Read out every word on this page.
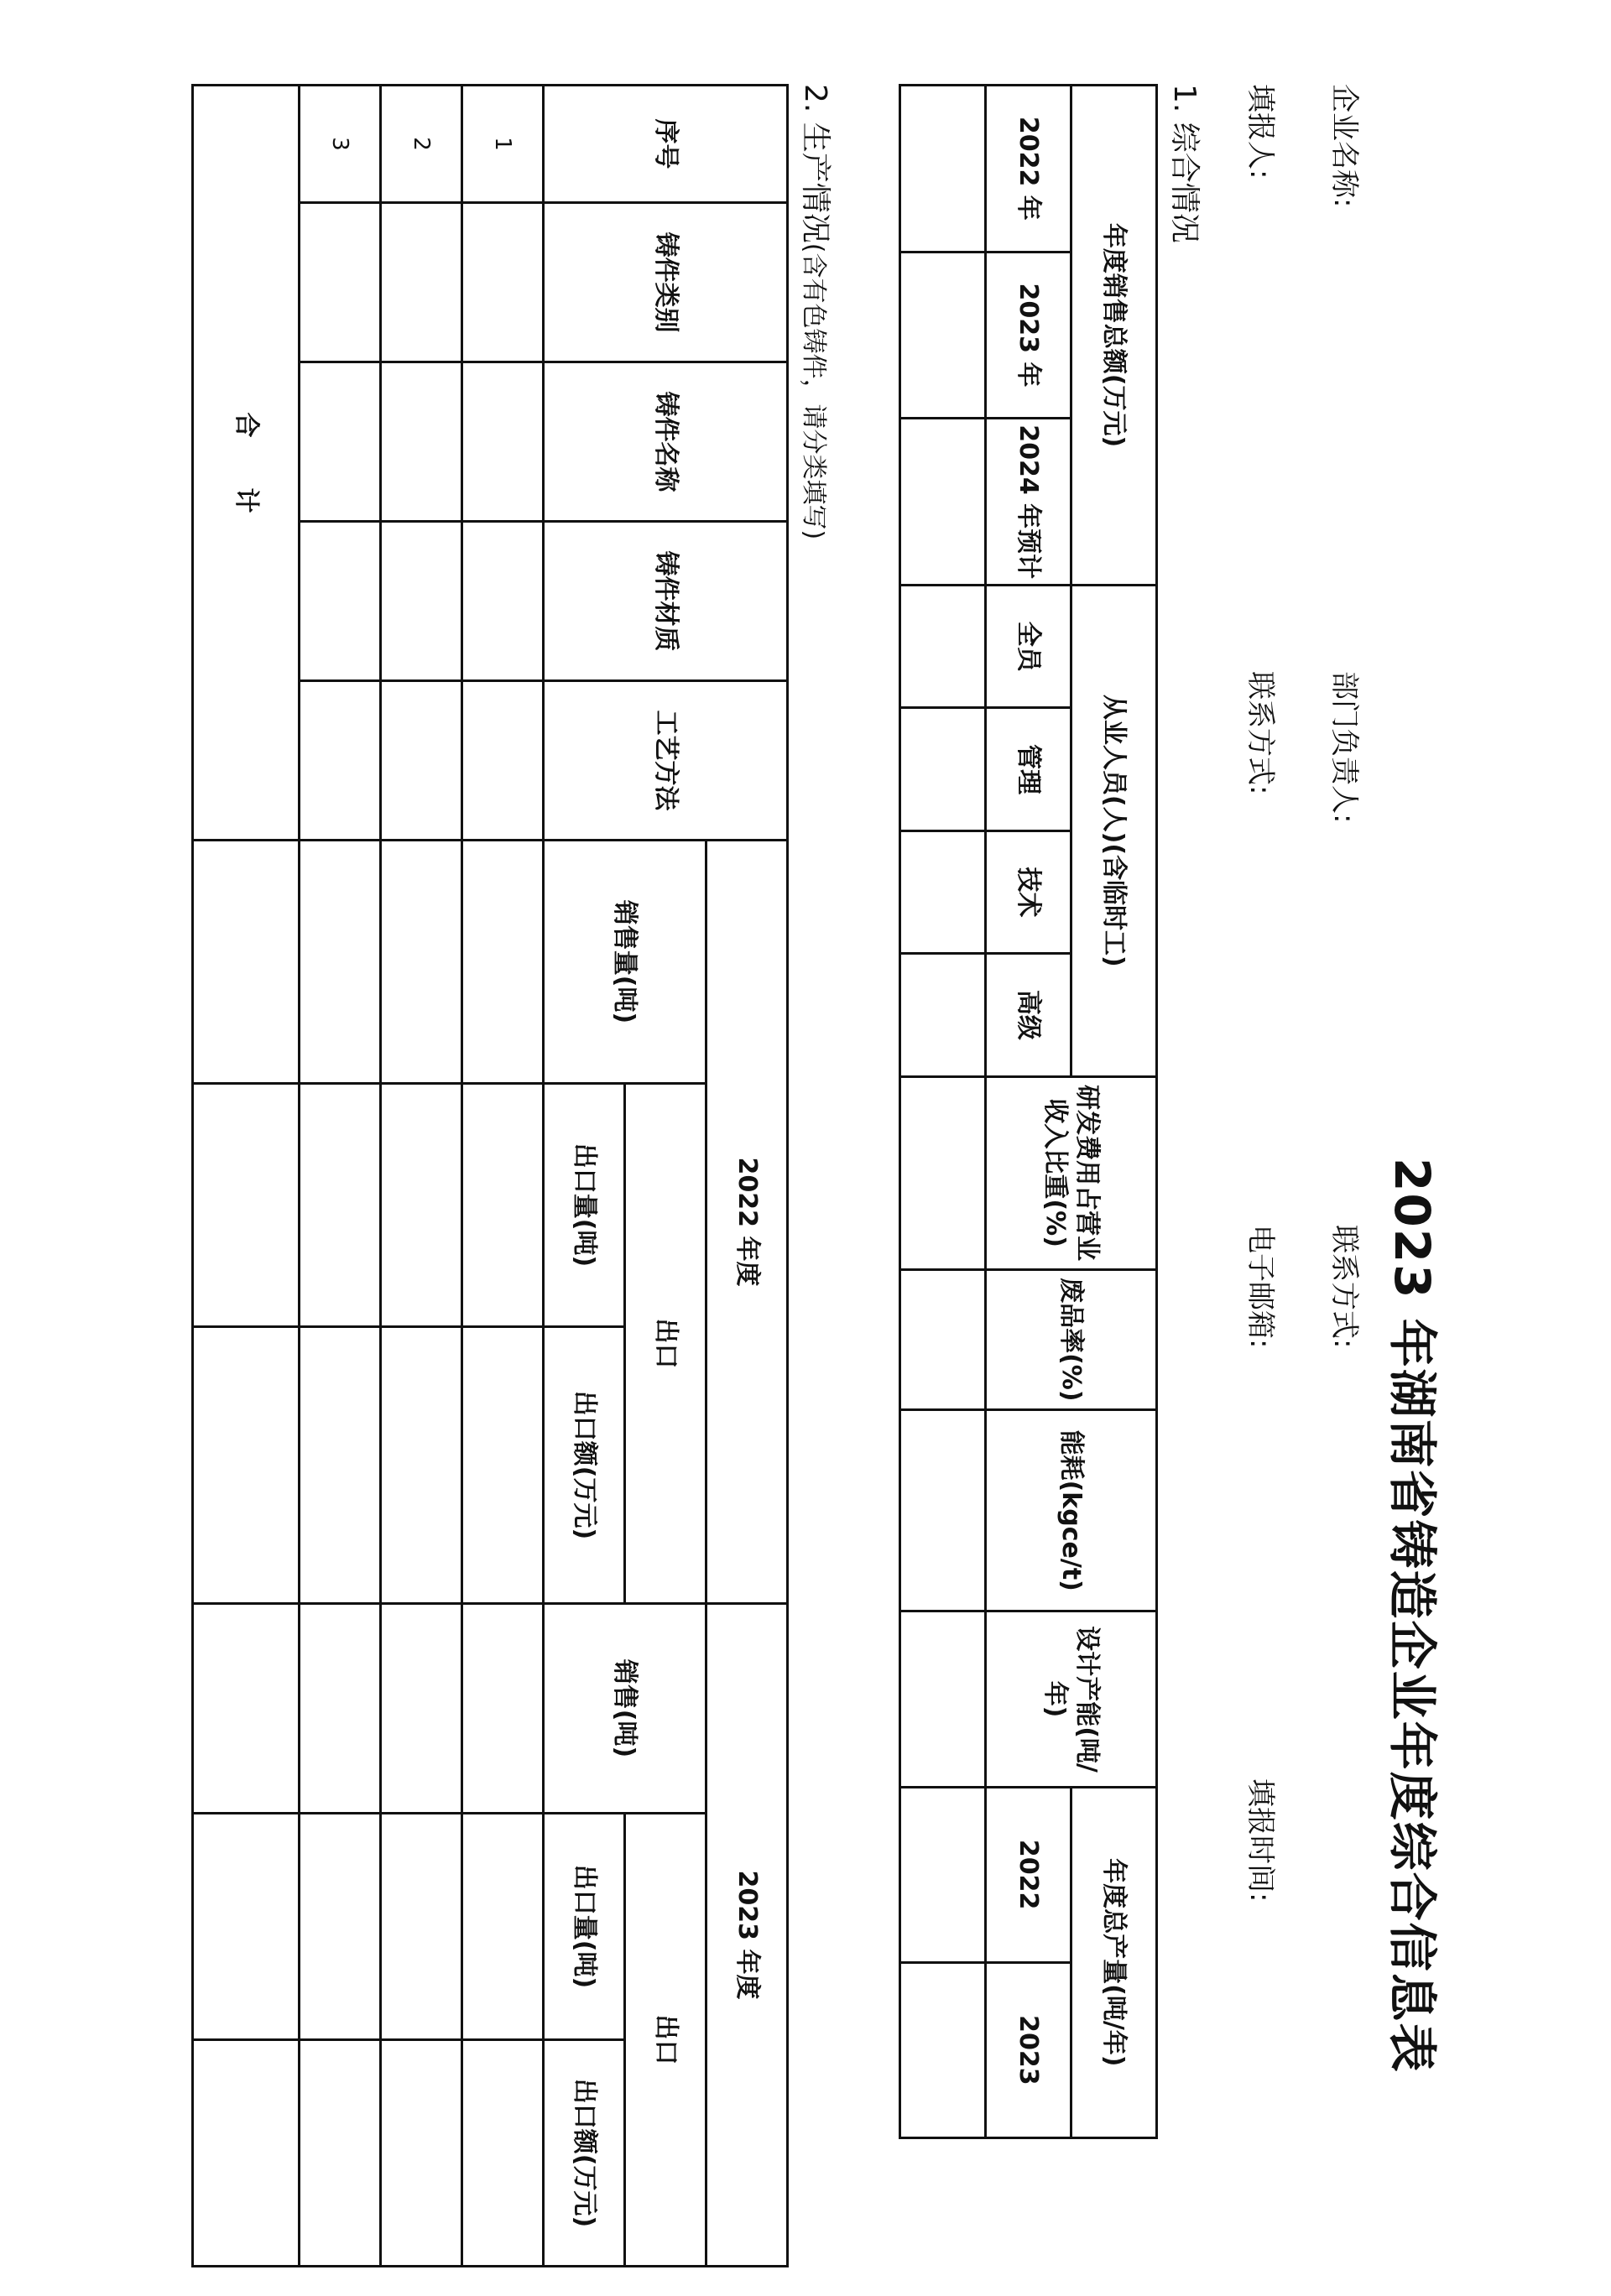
2023 年湖南省铸造企业年度综合信息表
企业名称:
部门负责人:
联系方式:
填报人:
联系方式:
电子邮箱:
填报时间:
1. 综合情况
年度销售总额(万元)			从业人员(人)(含临时工)				研发费用占营业收入比重(%)	废品率(%)	能耗(kgce/t)	设计产能(吨/年)	年度总产量(吨/年)	
2022 年	2023 年	2024 年预计	全员	管理	技术	高级					2022	2023

2. 生产情况(含有色铸件，请分类填写)
序号	铸件类别	铸件名称	铸件材质	工艺方法	2022 年度			2023 年度		
					销售量(吨)	出口		销售(吨)	出口	
						出口量(吨)	出口额(万元)		出口量(吨)	出口额(万元)
1										
2										
3										
合　　计										
